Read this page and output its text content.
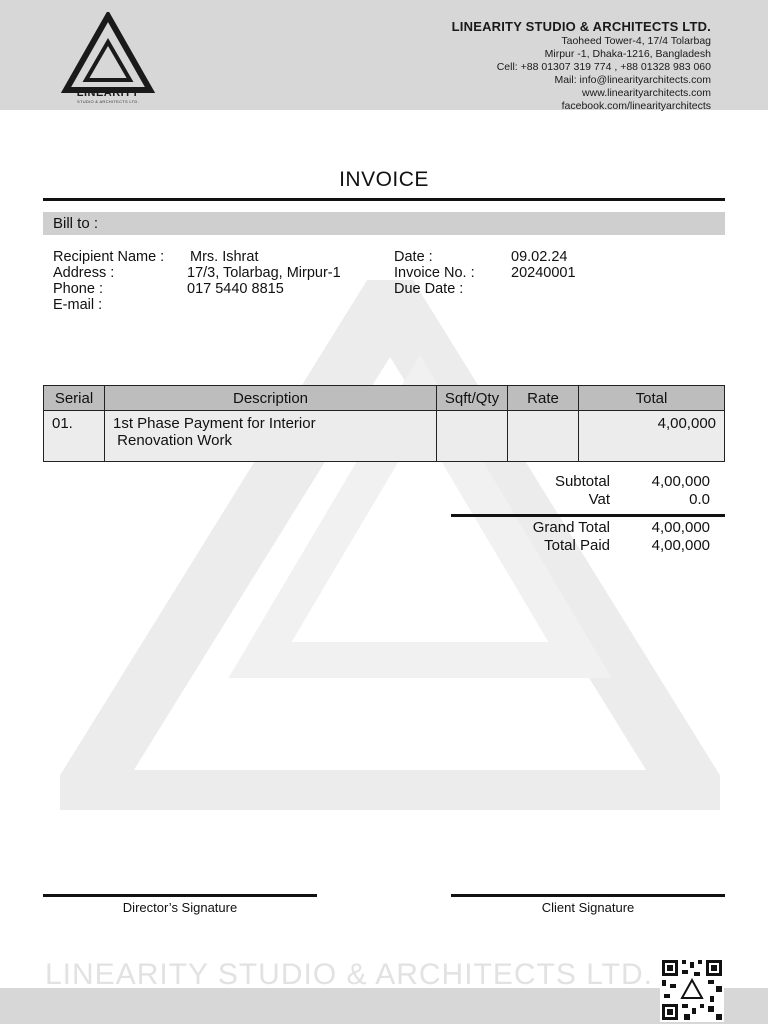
LINEARITY
STUDIO & ARCHITECTS LTD.
LINEARITY STUDIO & ARCHITECTS LTD.
Taoheed Tower-4, 17/4 Tolarbag
Mirpur -1, Dhaka-1216, Bangladesh
Cell: +88 01307 319 774 , +88 01328 983 060
Mail: info@linearityarchitects.com
www.linearityarchitects.com
facebook.com/linearityarchitects
INVOICE
Bill to :
Recipient Name : Mrs. Ishrat
Address :	17/3, Tolarbag, Mirpur-1
Phone :	017 5440 8815
E-mail :
Date :	09.02.24
Invoice No. :	20240001
Due Date :
Serial	Description	Sqft/Qty	Rate	Total
01.	1st Phase Payment for Interior
Renovation Work			4,00,000
Subtotal	4,00,000
Vat	0.0
Grand Total	4,00,000
Total Paid	4,00,000
Director’s Signature	Client Signature
LINEARITY STUDIO & ARCHITECTS LTD.
